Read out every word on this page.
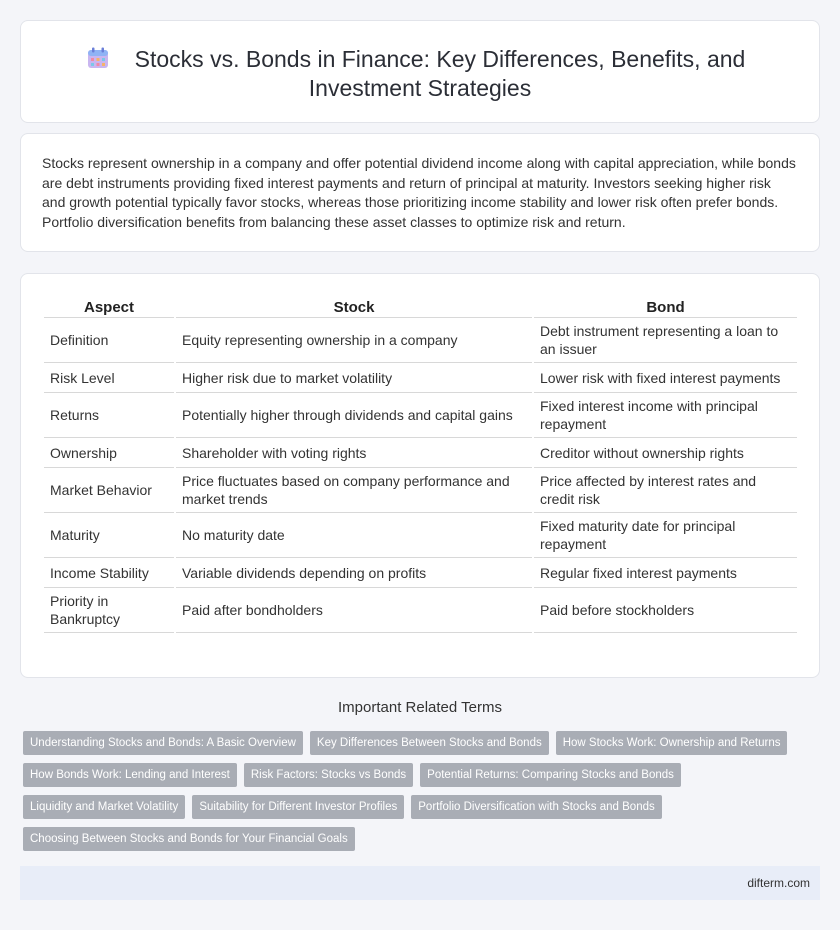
Stocks vs. Bonds in Finance: Key Differences, Benefits, and
Investment Strategies

Stocks represent ownership in a company and offer potential dividend income along with capital appreciation, while bonds are debt instruments providing fixed interest payments and return of principal at maturity. Investors seeking higher risk and growth potential typically favor stocks, whereas those prioritizing income stability and lower risk often prefer bonds. Portfolio diversification benefits from balancing these asset classes to optimize risk and return.

Aspect	Stock	Bond
Definition	Equity representing ownership in a company	Debt instrument representing a loan to an issuer
Risk Level	Higher risk due to market volatility	Lower risk with fixed interest payments
Returns	Potentially higher through dividends and capital gains	Fixed interest income with principal repayment
Ownership	Shareholder with voting rights	Creditor without ownership rights
Market Behavior	Price fluctuates based on company performance and market trends	Price affected by interest rates and credit risk
Maturity	No maturity date	Fixed maturity date for principal repayment
Income Stability	Variable dividends depending on profits	Regular fixed interest payments
Priority in Bankruptcy	Paid after bondholders	Paid before stockholders
Important Related Terms
Understanding Stocks and Bonds: A Basic Overview	Key Differences Between Stocks and Bonds	How Stocks Work: Ownership and Returns
How Bonds Work: Lending and Interest	Risk Factors: Stocks vs Bonds	Potential Returns: Comparing Stocks and Bonds
Liquidity and Market Volatility	Suitability for Different Investor Profiles	Portfolio Diversification with Stocks and Bonds
Choosing Between Stocks and Bonds for Your Financial Goals
difterm.com
